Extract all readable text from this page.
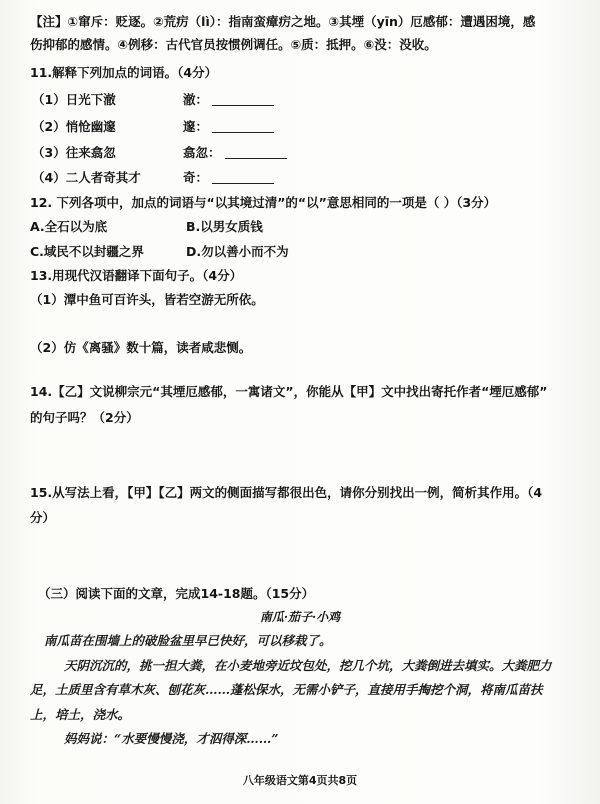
【注】①窜斥：贬逐。②荒疠（lì）：指南蛮瘴疠之地。③其堙（yīn）厄感郁：遭遇困境，感
伤抑郁的感情。④例移：古代官员按惯例调任。⑤质：抵押。⑥没：没收。
11.解释下列加点的词语。（4分）
（1）日光下澈	澈：
（2）悄怆幽邃	邃：
（3）往来翕忽	翕忽：
（4）二人者奇其才	奇：
12. 下列各项中，加点的词语与“以其境过清”的“以”意思相同的一项是（ ）（3分）
A.全石以为底	B.以男女质钱
C.域民不以封疆之界	D.勿以善小而不为
13.用现代汉语翻译下面句子。（4分）
（1）潭中鱼可百许头，皆若空游无所依。
（2）仿《离骚》数十篇，读者咸悲恻。
14.【乙】文说柳宗元“其堙厄感郁，一寓诸文”，你能从【甲】文中找出寄托作者“堙厄感郁”
的句子吗？（2分）
15.从写法上看，【甲】【乙】两文的侧面描写都很出色，请你分别找出一例，简析其作用。（4
分）
（三）阅读下面的文章，完成14-18题。（15分）
南瓜·茄子·小鸡
南瓜苗在围墙上的破脸盆里早已快好，可以移栽了。
天阴沉沉的，挑一担大粪，在小麦地旁近坟包处，挖几个坑，大粪倒进去填实。大粪肥力
足，土质里含有草木灰、刨花灰……蓬松保水，无需小铲子，直接用手掏挖个洞，将南瓜苗扶
上，培土，浇水。
妈妈说：“水要慢慢浇，才泅得深……”
八年级语文第4页共8页
